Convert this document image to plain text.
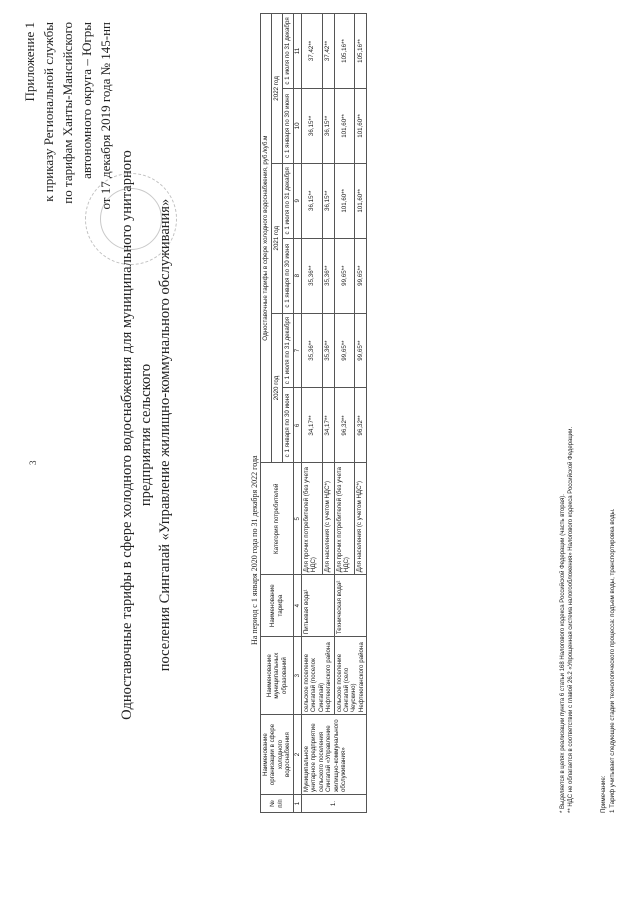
3
Приложение 1 к приказу Региональной службы по тарифам Ханты-Мансийского автономного округа – Югры от 17 декабря 2019 года № 145-нп
Одноставочные тарифы в сфере холодного водоснабжения для муниципального унитарного предприятия сельского поселения Сингапай «Управление жилищно-коммунального обслуживания»	На период с 1 января 2020 года по 31 декабря 2022 года
№ п/п	Наименование организации в сфере холодного водоснабжения	Наименование муниципальных образований	Наименование тарифа	Категория потребителей	Одноставочные тарифы в сфере холодного водоснабжения, руб./куб.м					
					2020 год		2021 год		2022 год	
					с 1 января по 30 июня	с 1 июля по 31 декабря	с 1 января по 30 июня	с 1 июля по 31 декабря	с 1 января по 30 июня	с 1 июля по 31 декабря
1	2	3	4	5	6	7	8	9	10	11
1.	Муниципальное унитарное предприятие сельского поселения Сингапай «Управление жилищно-коммунального обслуживания»	сельское поселение Сингапай (поселок Сингапай) Нефтеюганского района	Питьевая вода¹	Для прочих потребителей (без учета НДС)	34,17**	35,36**	35,36**	36,15**	36,15**	37,42**
				Для населения (с учетом НДС*)	34,17**	35,36**	35,36**	36,15**	36,15**	37,42**
		сельское поселение Сингапай (село Чеускино) Нефтеюганского района	Техническая вода²	Для прочих потребителей (без учета НДС)	96,32**	99,65**	99,65**	101,60**	101,60**	105,16**
				Для населения (с учетом НДС*)	96,32**	99,65**	99,65**	101,60**	101,60**	105,16**
* Выделяется в целях реализации пункта 6 статьи 168 Налогового кодекса Российской Федерации (часть вторая). ** НДС не облагается в соответствии с главой 26.2 «Упрощенная система налогообложения» Налогового кодекса Российской Федерации.	Примечание: 1 Тариф учитывает следующие стадии технологического процесса: подъем воды, транспортировка воды.
